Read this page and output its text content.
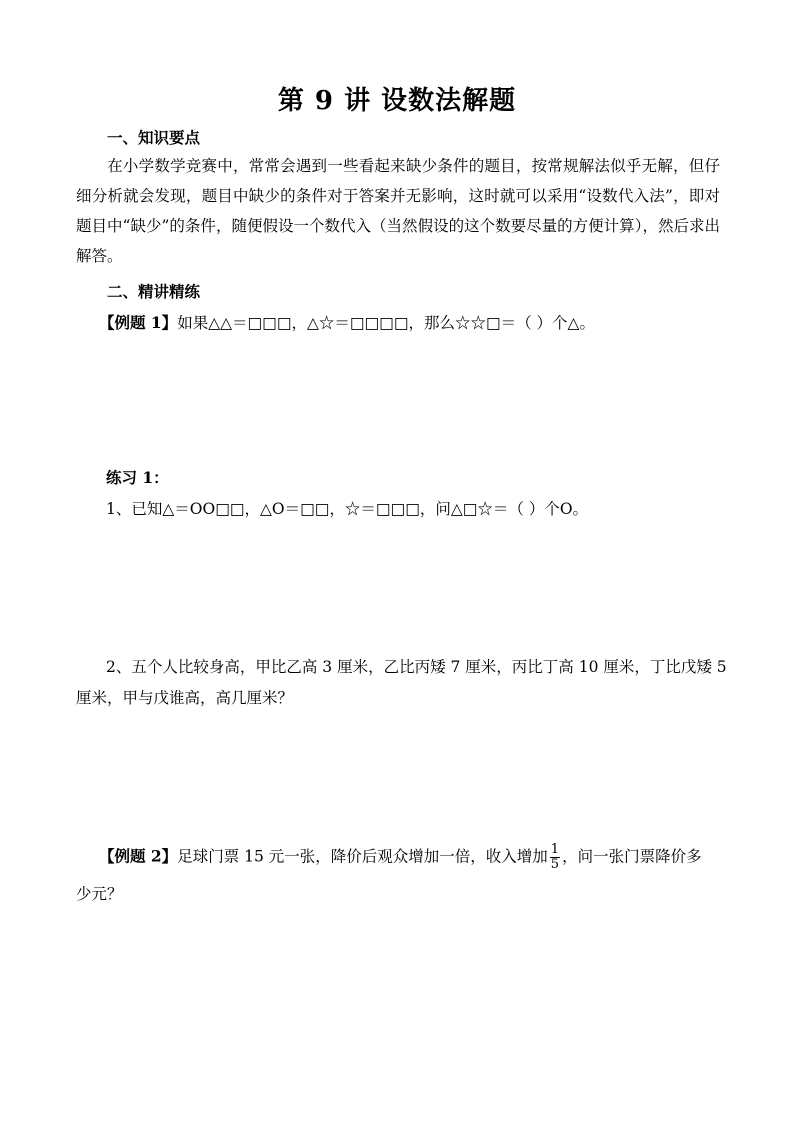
第 9 讲 设数法解题
一、知识要点
在小学数学竞赛中，常常会遇到一些看起来缺少条件的题目，按常规解法似乎无解，但仔细分析就会发现，题目中缺少的条件对于答案并无影响，这时就可以采用“设数代入法”，即对题目中“缺少”的条件，随便假设一个数代入（当然假设的这个数要尽量的方便计算），然后求出解答。
二、精讲精练
【例题 1】如果△△＝□□□，△☆＝□□□□，那么☆☆□＝（ ）个△。
练习 1：
1、已知△＝OO□□，△O＝□□，☆＝□□□，问△□☆＝（ ）个O。
2、五个人比较身高，甲比乙高 3 厘米，乙比丙矮 7 厘米，丙比丁高 10 厘米，丁比戊矮 5
厘米，甲与戊谁高，高几厘米？
【例题 2】足球门票 15 元一张，降价后观众增加一倍，收入增加 $\frac{1}{5}$ ，问一张门票降价多
少元？
